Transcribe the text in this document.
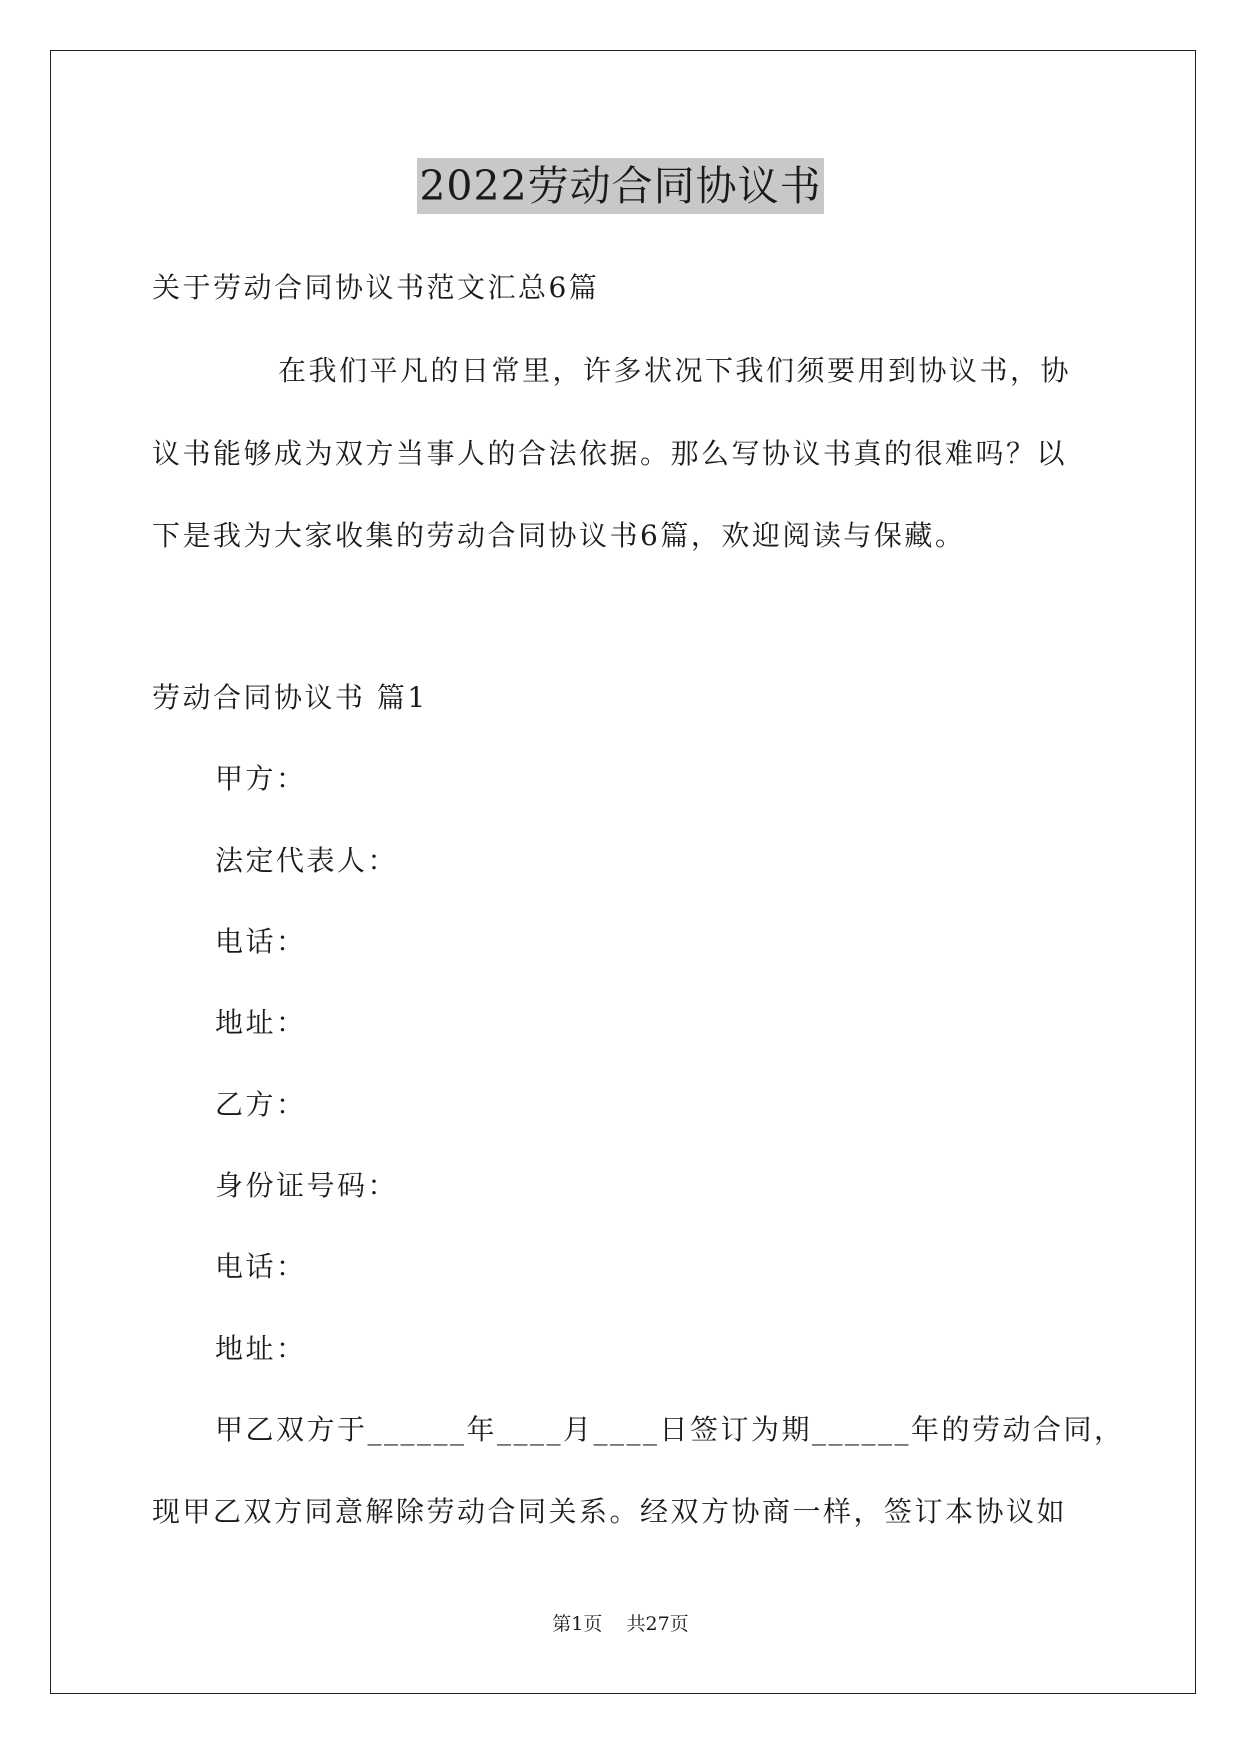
2022劳动合同协议书
关于劳动合同协议书范文汇总6篇
在我们平凡的日常里，许多状况下我们须要用到协议书，协
议书能够成为双方当事人的合法依据。那么写协议书真的很难吗？以
下是我为大家收集的劳动合同协议书6篇，欢迎阅读与保藏。
劳动合同协议书 篇1
甲方：
法定代表人：
电话：
地址：
乙方：
身份证号码：
电话：
地址：
甲乙双方于______年____月____日签订为期______年的劳动合同，
现甲乙双方同意解除劳动合同关系。经双方协商一样，签订本协议如
第1页 共27页
